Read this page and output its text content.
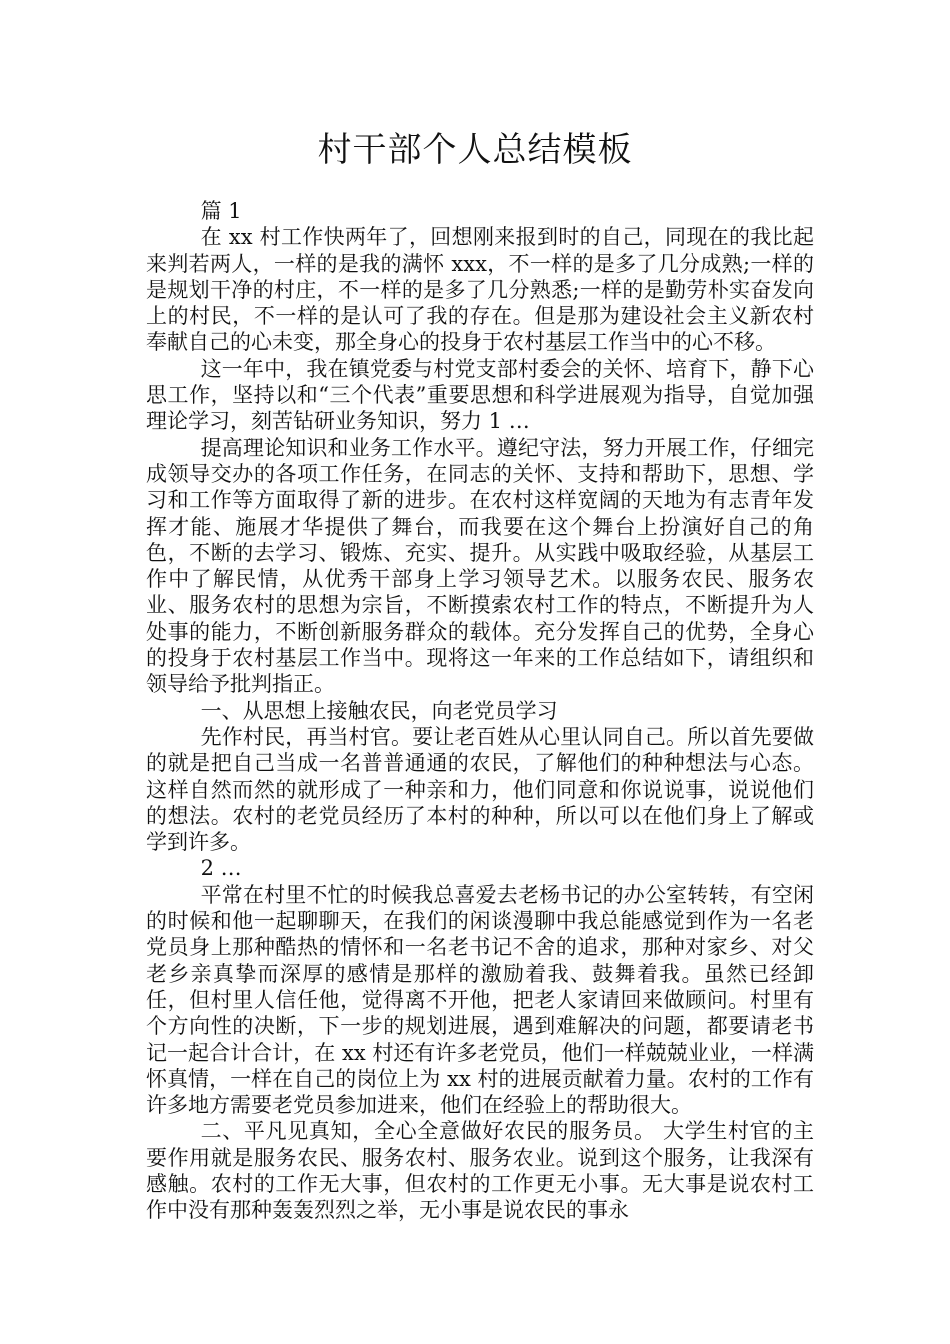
村干部个人总结模板

篇 1

在 xx 村工作快两年了，回想刚来报到时的自己，同现在的我比起来判若两人，一样的是我的满怀 xxx，不一样的是多了几分成熟;一样的是规划干净的村庄，不一样的是多了几分熟悉;一样的是勤劳朴实奋发向上的村民，不一样的是认可了我的存在。但是那为建设社会主义新农村奉献自己的心未变，那全身心的投身于农村基层工作当中的心不移。

这一年中，我在镇党委与村党支部村委会的关怀、培育下，静下心思工作，坚持以和“三个代表”重要思想和科学进展观为指导，自觉加强理论学习，刻苦钻研业务知识，努力 1 …

提高理论知识和业务工作水平。遵纪守法，努力开展工作，仔细完成领导交办的各项工作任务，在同志的关怀、支持和帮助下，思想、学习和工作等方面取得了新的进步。在农村这样宽阔的天地为有志青年发挥才能、施展才华提供了舞台，而我要在这个舞台上扮演好自己的角色，不断的去学习、锻炼、充实、提升。从实践中吸取经验，从基层工作中了解民情，从优秀干部身上学习领导艺术。以服务农民、服务农业、服务农村的思想为宗旨，不断摸索农村工作的特点，不断提升为人处事的能力，不断创新服务群众的载体。充分发挥自己的优势，全身心的投身于农村基层工作当中。现将这一年来的工作总结如下，请组织和领导给予批判指正。

一、从思想上接触农民，向老党员学习

先作村民，再当村官。要让老百姓从心里认同自己。所以首先要做的就是把自己当成一名普普通通的农民，了解他们的种种想法与心态。这样自然而然的就形成了一种亲和力，他们同意和你说说事，说说他们的想法。农村的老党员经历了本村的种种，所以可以在他们身上了解或学到许多。

2 …

平常在村里不忙的时候我总喜爱去老杨书记的办公室转转，有空闲的时候和他一起聊聊天，在我们的闲谈漫聊中我总能感觉到作为一名老党员身上那种酷热的情怀和一名老书记不舍的追求，那种对家乡、对父老乡亲真挚而深厚的感情是那样的激励着我、鼓舞着我。虽然已经卸任，但村里人信任他，觉得离不开他，把老人家请回来做顾问。村里有个方向性的决断，下一步的规划进展，遇到难解决的问题，都要请老书记一起合计合计，在 xx 村还有许多老党员，他们一样兢兢业业，一样满怀真情，一样在自己的岗位上为 xx 村的进展贡献着力量。农村的工作有许多地方需要老党员参加进来，他们在经验上的帮助很大。

二、平凡见真知，全心全意做好农民的服务员。 大学生村官的主要作用就是服务农民、服务农村、服务农业。说到这个服务，让我深有感触。农村的工作无大事，但农村的工作更无小事。无大事是说农村工作中没有那种轰轰烈烈之举，无小事是说农民的事永
